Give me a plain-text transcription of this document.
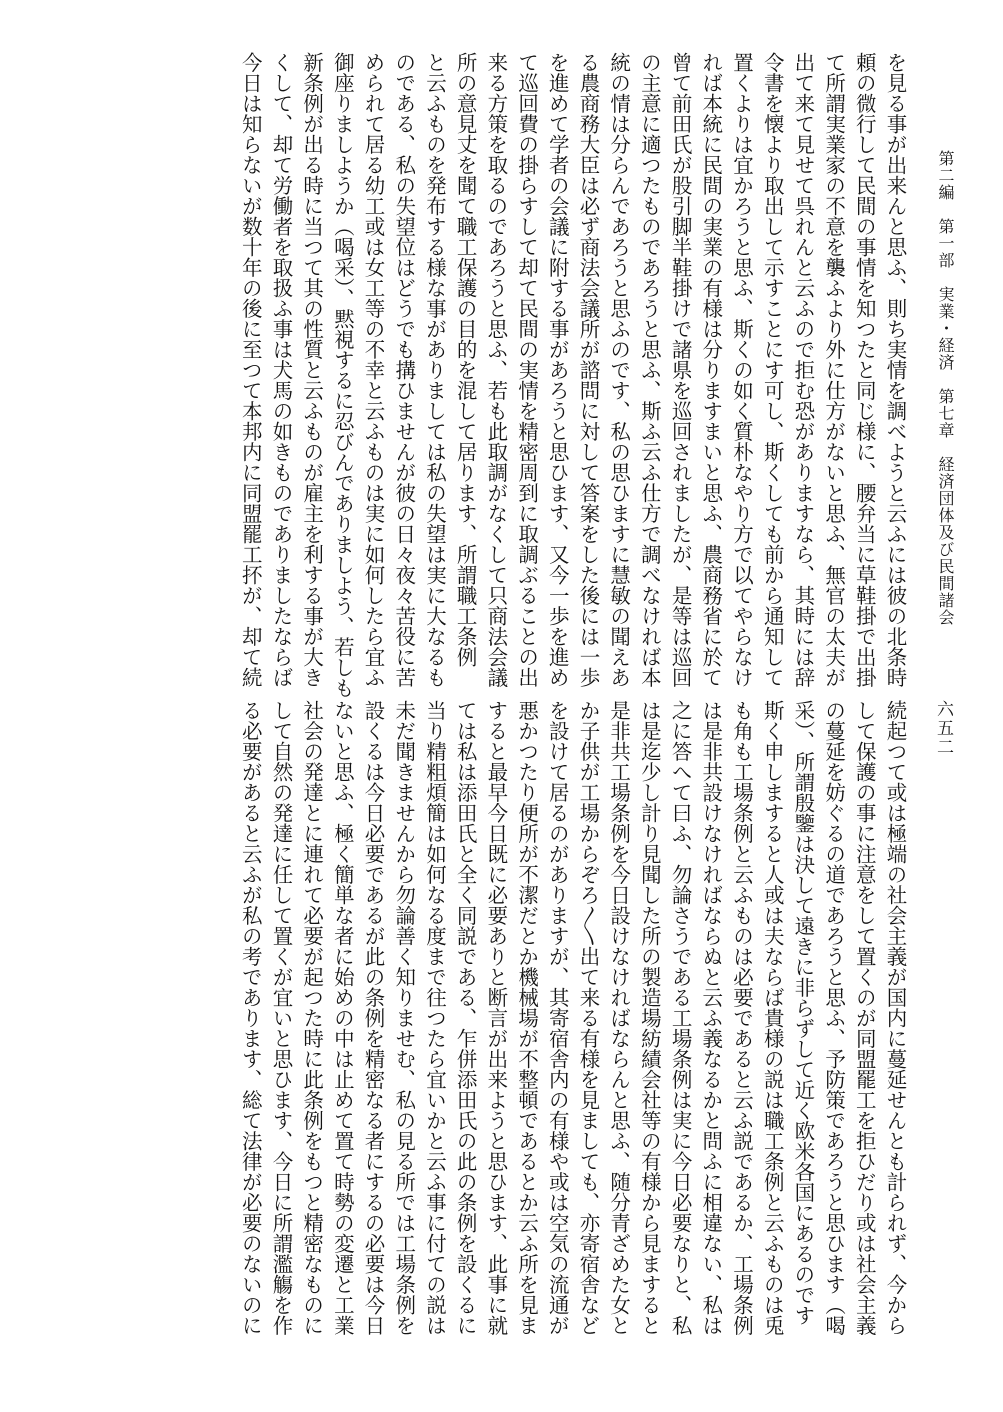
第二編　第一部　実業・経済　第七章　経済団体及び民間諸会
六五二

を見る事が出来んと思ふ、則ち実情を調べようと云ふには彼の北条時

頼の微行して民間の事情を知つたと同じ様に、腰弁当に草鞋掛で出掛

て所謂実業家の不意を襲ふより外に仕方がないと思ふ、無官の太夫が

出て来て見せて呉れんと云ふので拒む恐がありますなら、其時には辞

令書を懐より取出して示すことにす可し、斯くしても前から通知して

置くよりは宜かろうと思ふ、斯くの如く質朴なやり方で以てやらなけ

れば本統に民間の実業の有様は分りますまいと思ふ、農商務省に於て

曾て前田氏が股引脚半鞋掛けで諸県を巡回されましたが、是等は巡回

の主意に適つたものであろうと思ふ、斯ふ云ふ仕方で調べなければ本

統の情は分らんであろうと思ふのです、私の思ひますに慧敏の聞えあ

る農商務大臣は必ず商法会議所が諮問に対して答案をした後には一歩

を進めて学者の会議に附する事があろうと思ひます、又今一歩を進め

て巡回費の掛らすして却て民間の実情を精密周到に取調ぶることの出

来る方策を取るのであろうと思ふ、若も此取調がなくして只商法会議

所の意見丈を聞て職工保護の目的を混して居ります、所謂職工条例

と云ふものを発布する様な事がありましては私の失望は実に大なるも

のである、私の失望位はどうでも搆ひませんが彼の日々夜々苦役に苦

められて居る幼工或は女工等の不幸と云ふものは実に如何したら宜ふ

御座りましようか（喝采）、黙視するに忍びんでありましよう、若しも

新条例が出る時に当つて其の性質と云ふものが雇主を利する事が大き

くして、却て労働者を取扱ふ事は犬馬の如きものでありましたならば

今日は知らないが数十年の後に至つて本邦内に同盟罷工抔が、却て続

続起つて或は極端の社会主義が国内に蔓延せんとも計られず、今から

して保護の事に注意をして置くのが同盟罷工を拒ひだり或は社会主義

の蔓延を妨ぐるの道であろうと思ふ、予防策であろうと思ひます（喝

采）、所謂殷鑒は決して遠きに非らずして近く欧米各国にあるのです

斯く申しますると人或は夫ならば貴様の説は職工条例と云ふものは兎

も角も工場条例と云ふものは必要であると云ふ説であるか、工場条例

は是非共設けなければならぬと云ふ義なるかと問ふに相違ない、私は

之に答へて曰ふ、勿論さうである工場条例は実に今日必要なりと、私

は是迄少し計り見聞した所の製造場紡績会社等の有様から見ますると

是非共工場条例を今日設けなければならんと思ふ、随分青ざめた女と

か子供が工場からぞろ〳〵出て来る有様を見ましても、亦寄宿舎など

を設けて居るのがありますが、其寄宿舎内の有様や或は空気の流通が

悪かつたり便所が不潔だとか機械場が不整頓であるとか云ふ所を見ま

すると最早今日既に必要ありと断言が出来ようと思ひます、此事に就

ては私は添田氏と全く同説である、乍併添田氏の此の条例を設くるに

当り精粗煩簡は如何なる度まで往つたら宜いかと云ふ事に付ての説は

未だ聞きませんから勿論善く知りませむ、私の見る所では工場条例を

設くるは今日必要であるが此の条例を精密なる者にするの必要は今日

ないと思ふ、極く簡単な者に始めの中は止めて置て時勢の変遷と工業

社会の発達とに連れて必要が起つた時に此条例をもつと精密なものに

して自然の発達に任して置くが宜いと思ひます、今日に所謂濫觴を作

る必要があると云ふが私の考であります、総て法律が必要のないのに
